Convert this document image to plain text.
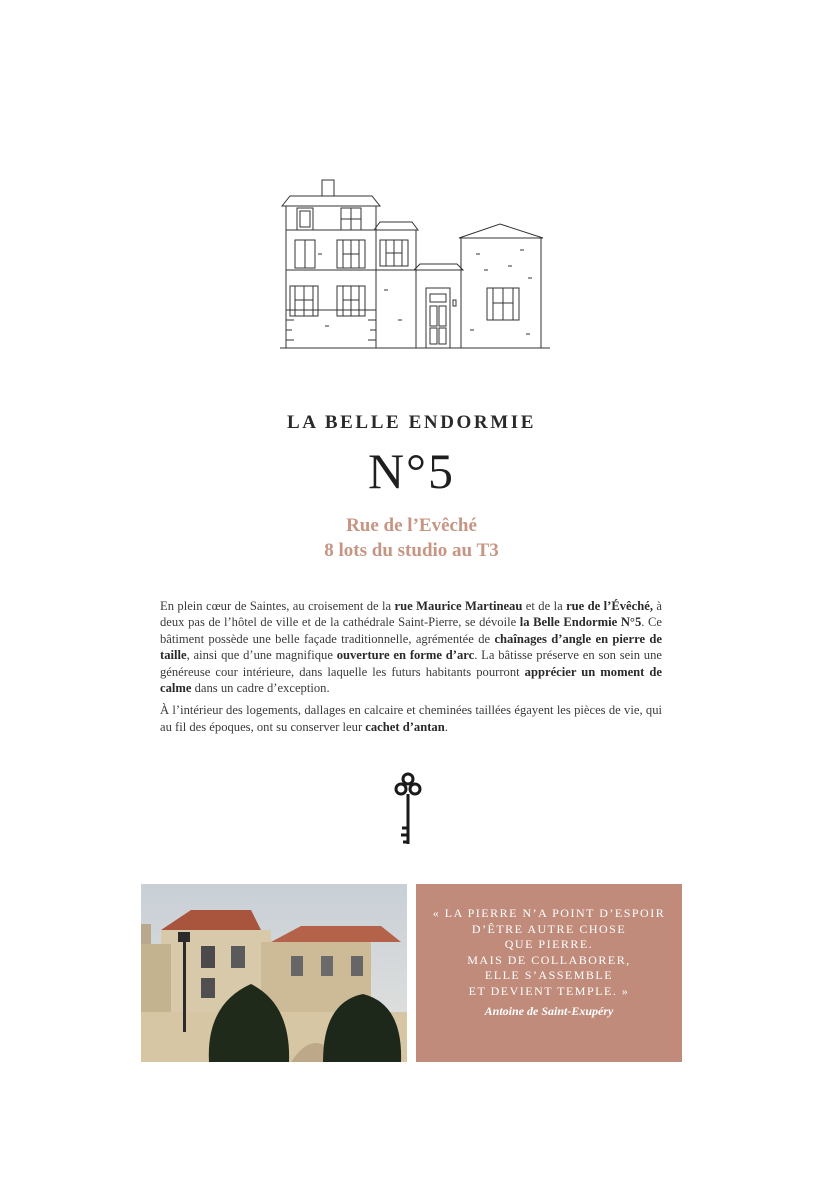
LA BELLE ENDORMIE
N°5
Rue de l’Evêché
8 lots du studio au T3

En plein cœur de Saintes, au croisement de la rue Maurice Martineau et de la rue de l’Évêché, à deux pas de l’hôtel de ville et de la cathédrale Saint-Pierre, se dévoile la Belle Endormie N°5. Ce bâtiment possède une belle façade traditionnelle, agrémentée de chaînages d’angle en pierre de taille, ainsi que d’une magnifique ouverture en forme d’arc. La bâtisse préserve en son sein une généreuse cour intérieure, dans laquelle les futurs habitants pourront apprécier un moment de calme dans un cadre d’exception.

À l’intérieur des logements, dallages en calcaire et cheminées taillées égayent les pièces de vie, qui au fil des époques, ont su conserver leur cachet d’antan.

« LA PIERRE N’A POINT D’ESPOIR
D’ÊTRE AUTRE CHOSE
QUE PIERRE.
MAIS DE COLLABORER,
ELLE S’ASSEMBLE
ET DEVIENT TEMPLE. »
Antoine de Saint-Exupéry
